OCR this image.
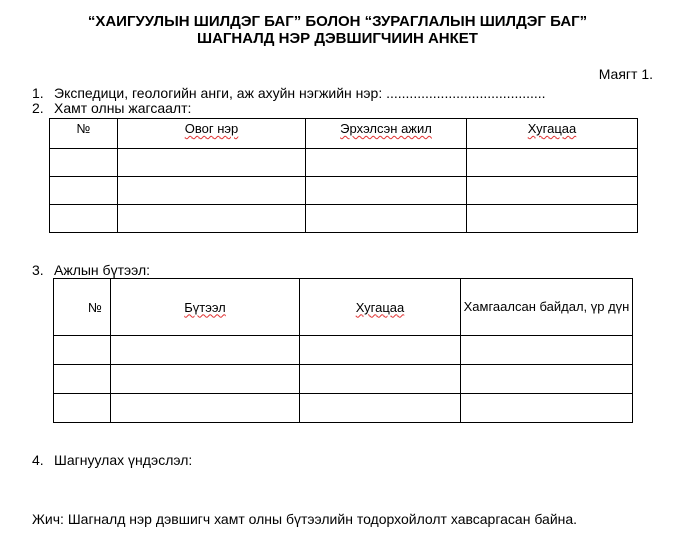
“ХАИГУУЛЫН ШИЛДЭГ БАГ” БОЛОН “ЗУРАГЛАЛЫН ШИЛДЭГ БАГ”
ШАГНАЛД НЭР ДЭВШИГЧИИН АНКЕТ
Маягт 1.
1. Экспедици, геологийн анги, аж ахуйн нэгжийн нэр: .........................................
2. Хамт олны жагсаалт:
№	Овог нэр	Эрхэлсэн ажил	Хугацаа

3. Ажлын бүтээл:
№	Бүтээл	Хугацаа	Хамгаалсан байдал, үр дүн

4. Шагнуулах үндэслэл:
Жич: Шагналд нэр дэвшигч хамт олны бүтээлийн тодорхойлолт хавсаргасан байна.
